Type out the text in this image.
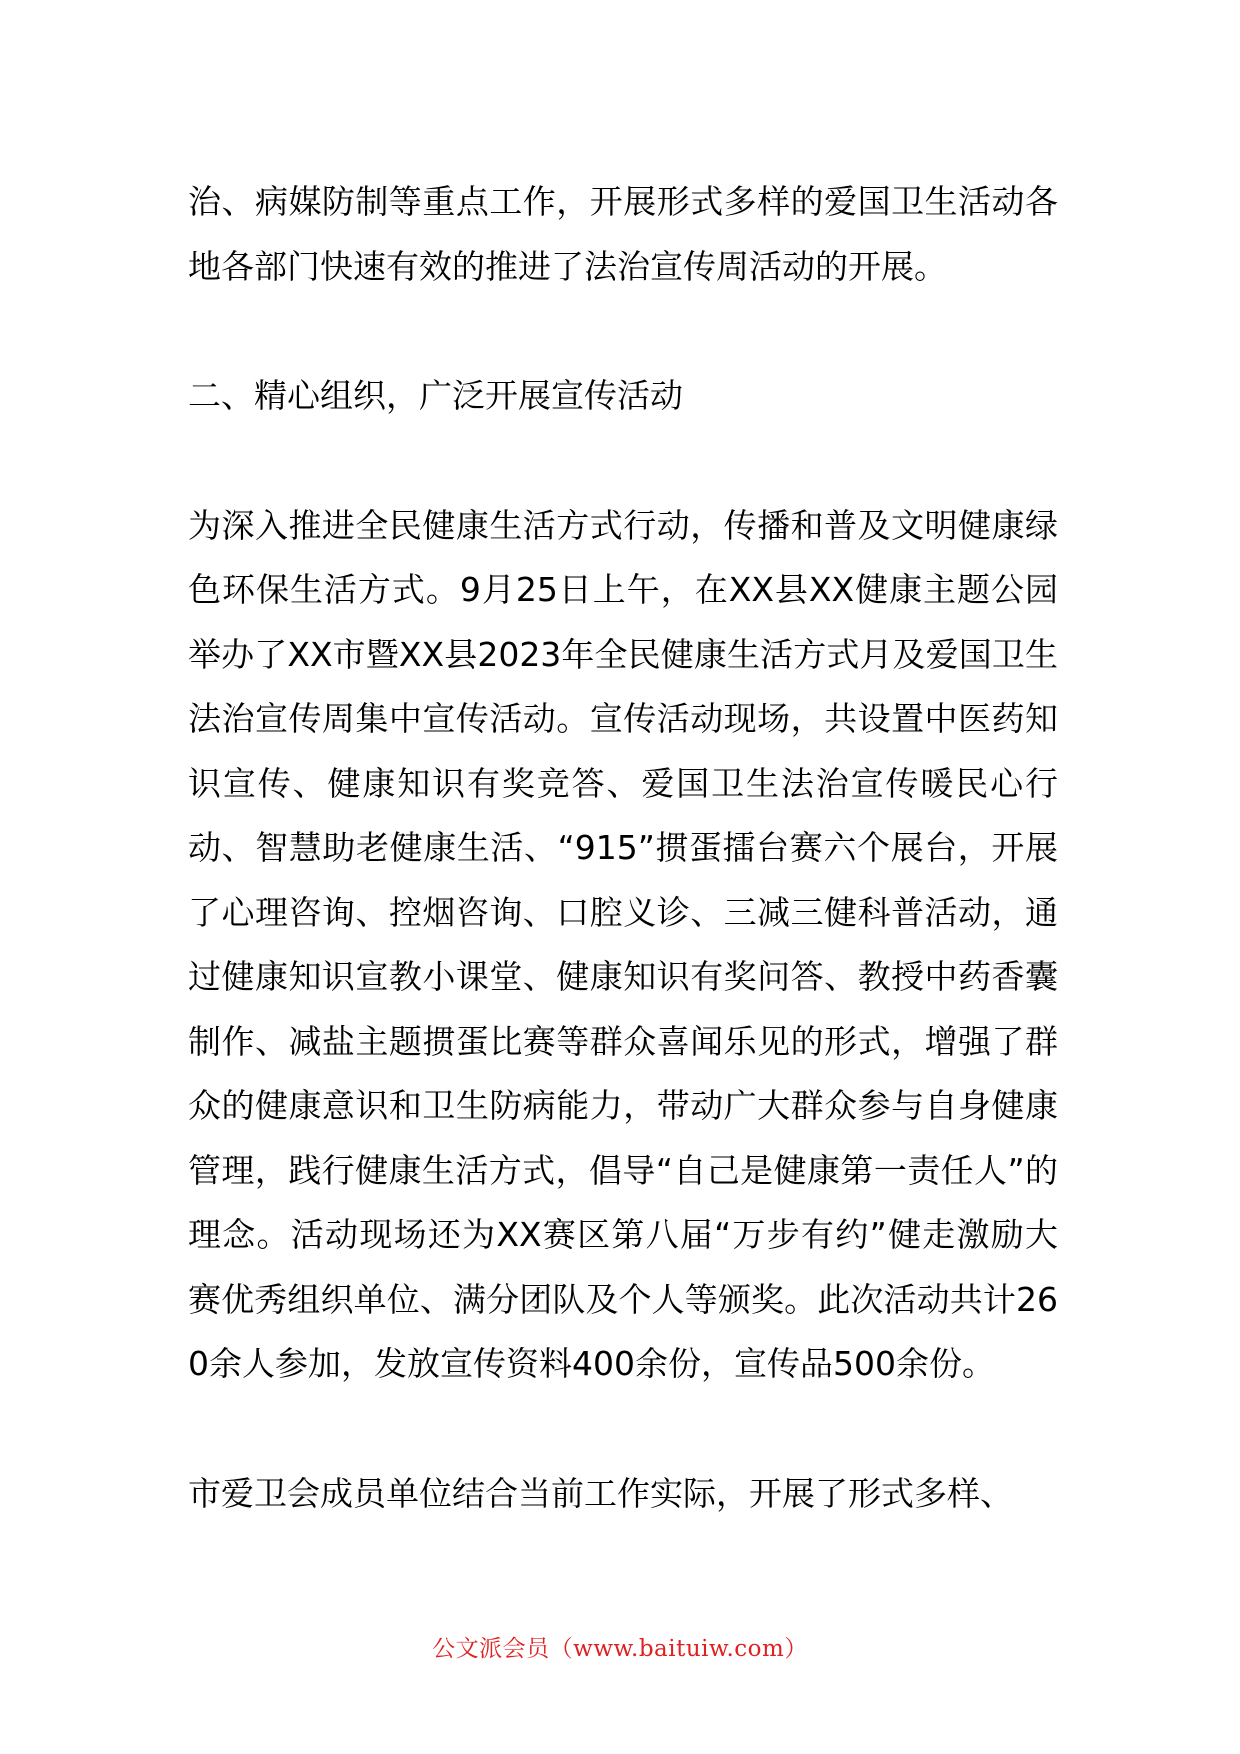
治、病媒防制等重点工作，开展形式多样的爱国卫生活动各地各部门快速有效的推进了法治宣传周活动的开展。

二、精心组织，广泛开展宣传活动

为深入推进全民健康生活方式行动，传播和普及文明健康绿色环保生活方式。9月25日上午，在XX县XX健康主题公园举办了XX市暨XX县2023年全民健康生活方式月及爱国卫生法治宣传周集中宣传活动。宣传活动现场，共设置中医药知识宣传、健康知识有奖竞答、爱国卫生法治宣传暖民心行动、智慧助老健康生活、“915”掼蛋擂台赛六个展台，开展了心理咨询、控烟咨询、口腔义诊、三减三健科普活动，通过健康知识宣教小课堂、健康知识有奖问答、教授中药香囊制作、减盐主题掼蛋比赛等群众喜闻乐见的形式，增强了群众的健康意识和卫生防病能力，带动广大群众参与自身健康管理，践行健康生活方式，倡导“自己是健康第一责任人”的理念。活动现场还为XX赛区第八届“万步有约”健走激励大赛优秀组织单位、满分团队及个人等颁奖。此次活动共计260余人参加，发放宣传资料400余份，宣传品500余份。

市爱卫会成员单位结合当前工作实际，开展了形式多样、

公文派会员（www.baituiw.com）
